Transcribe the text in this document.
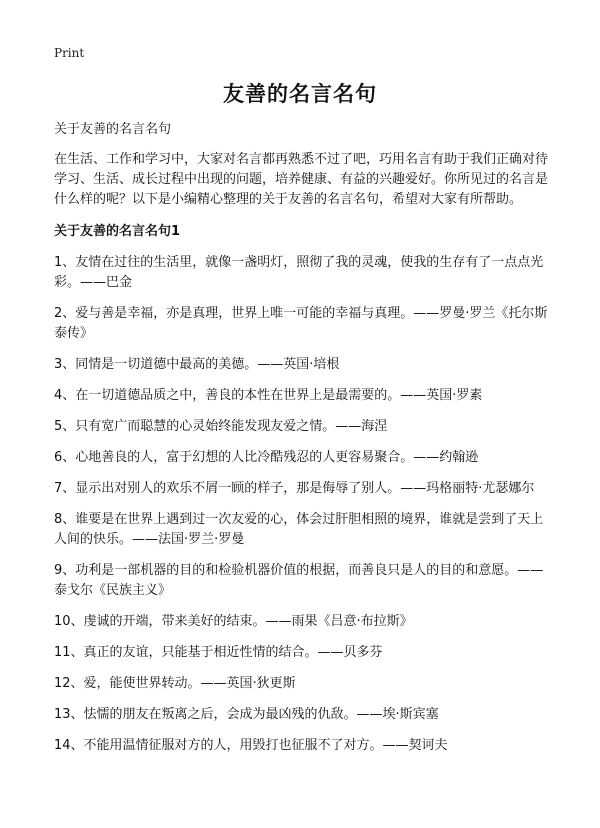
Print
友善的名言名句

关于友善的名言名句

在生活、工作和学习中，大家对名言都再熟悉不过了吧，巧用名言有助于我们正确对待学习、生活、成长过程中出现的问题，培养健康、有益的兴趣爱好。你所见过的名言是什么样的呢？以下是小编精心整理的关于友善的名言名句，希望对大家有所帮助。

关于友善的名言名句1

1、友情在过往的生活里，就像一盏明灯，照彻了我的灵魂，使我的生存有了一点点光彩。——巴金

2、爱与善是幸福，亦是真理，世界上唯一可能的幸福与真理。——罗曼·罗兰《托尔斯泰传》

3、同情是一切道德中最高的美德。——英国·培根

4、在一切道德品质之中，善良的本性在世界上是最需要的。——英国·罗素

5、只有宽广而聪慧的心灵始终能发现友爱之情。——海涅

6、心地善良的人，富于幻想的人比冷酷残忍的人更容易聚合。——约翰逊

7、显示出对别人的欢乐不屑一顾的样子，那是侮辱了别人。——玛格丽特·尤瑟娜尔

8、谁要是在世界上遇到过一次友爱的心，体会过肝胆相照的境界，谁就是尝到了天上人间的快乐。——法国·罗兰·罗曼

9、功利是一部机器的目的和检验机器价值的根据，而善良只是人的目的和意愿。——泰戈尔《民族主义》

10、虔诚的开端，带来美好的结束。——雨果《吕意·布拉斯》

11、真正的友谊，只能基于相近性情的结合。——贝多芬

12、爱，能使世界转动。——英国·狄更斯

13、怯懦的朋友在叛离之后，会成为最凶残的仇敌。——埃·斯宾塞

14、不能用温情征服对方的人，用毁打也征服不了对方。——契诃夫
